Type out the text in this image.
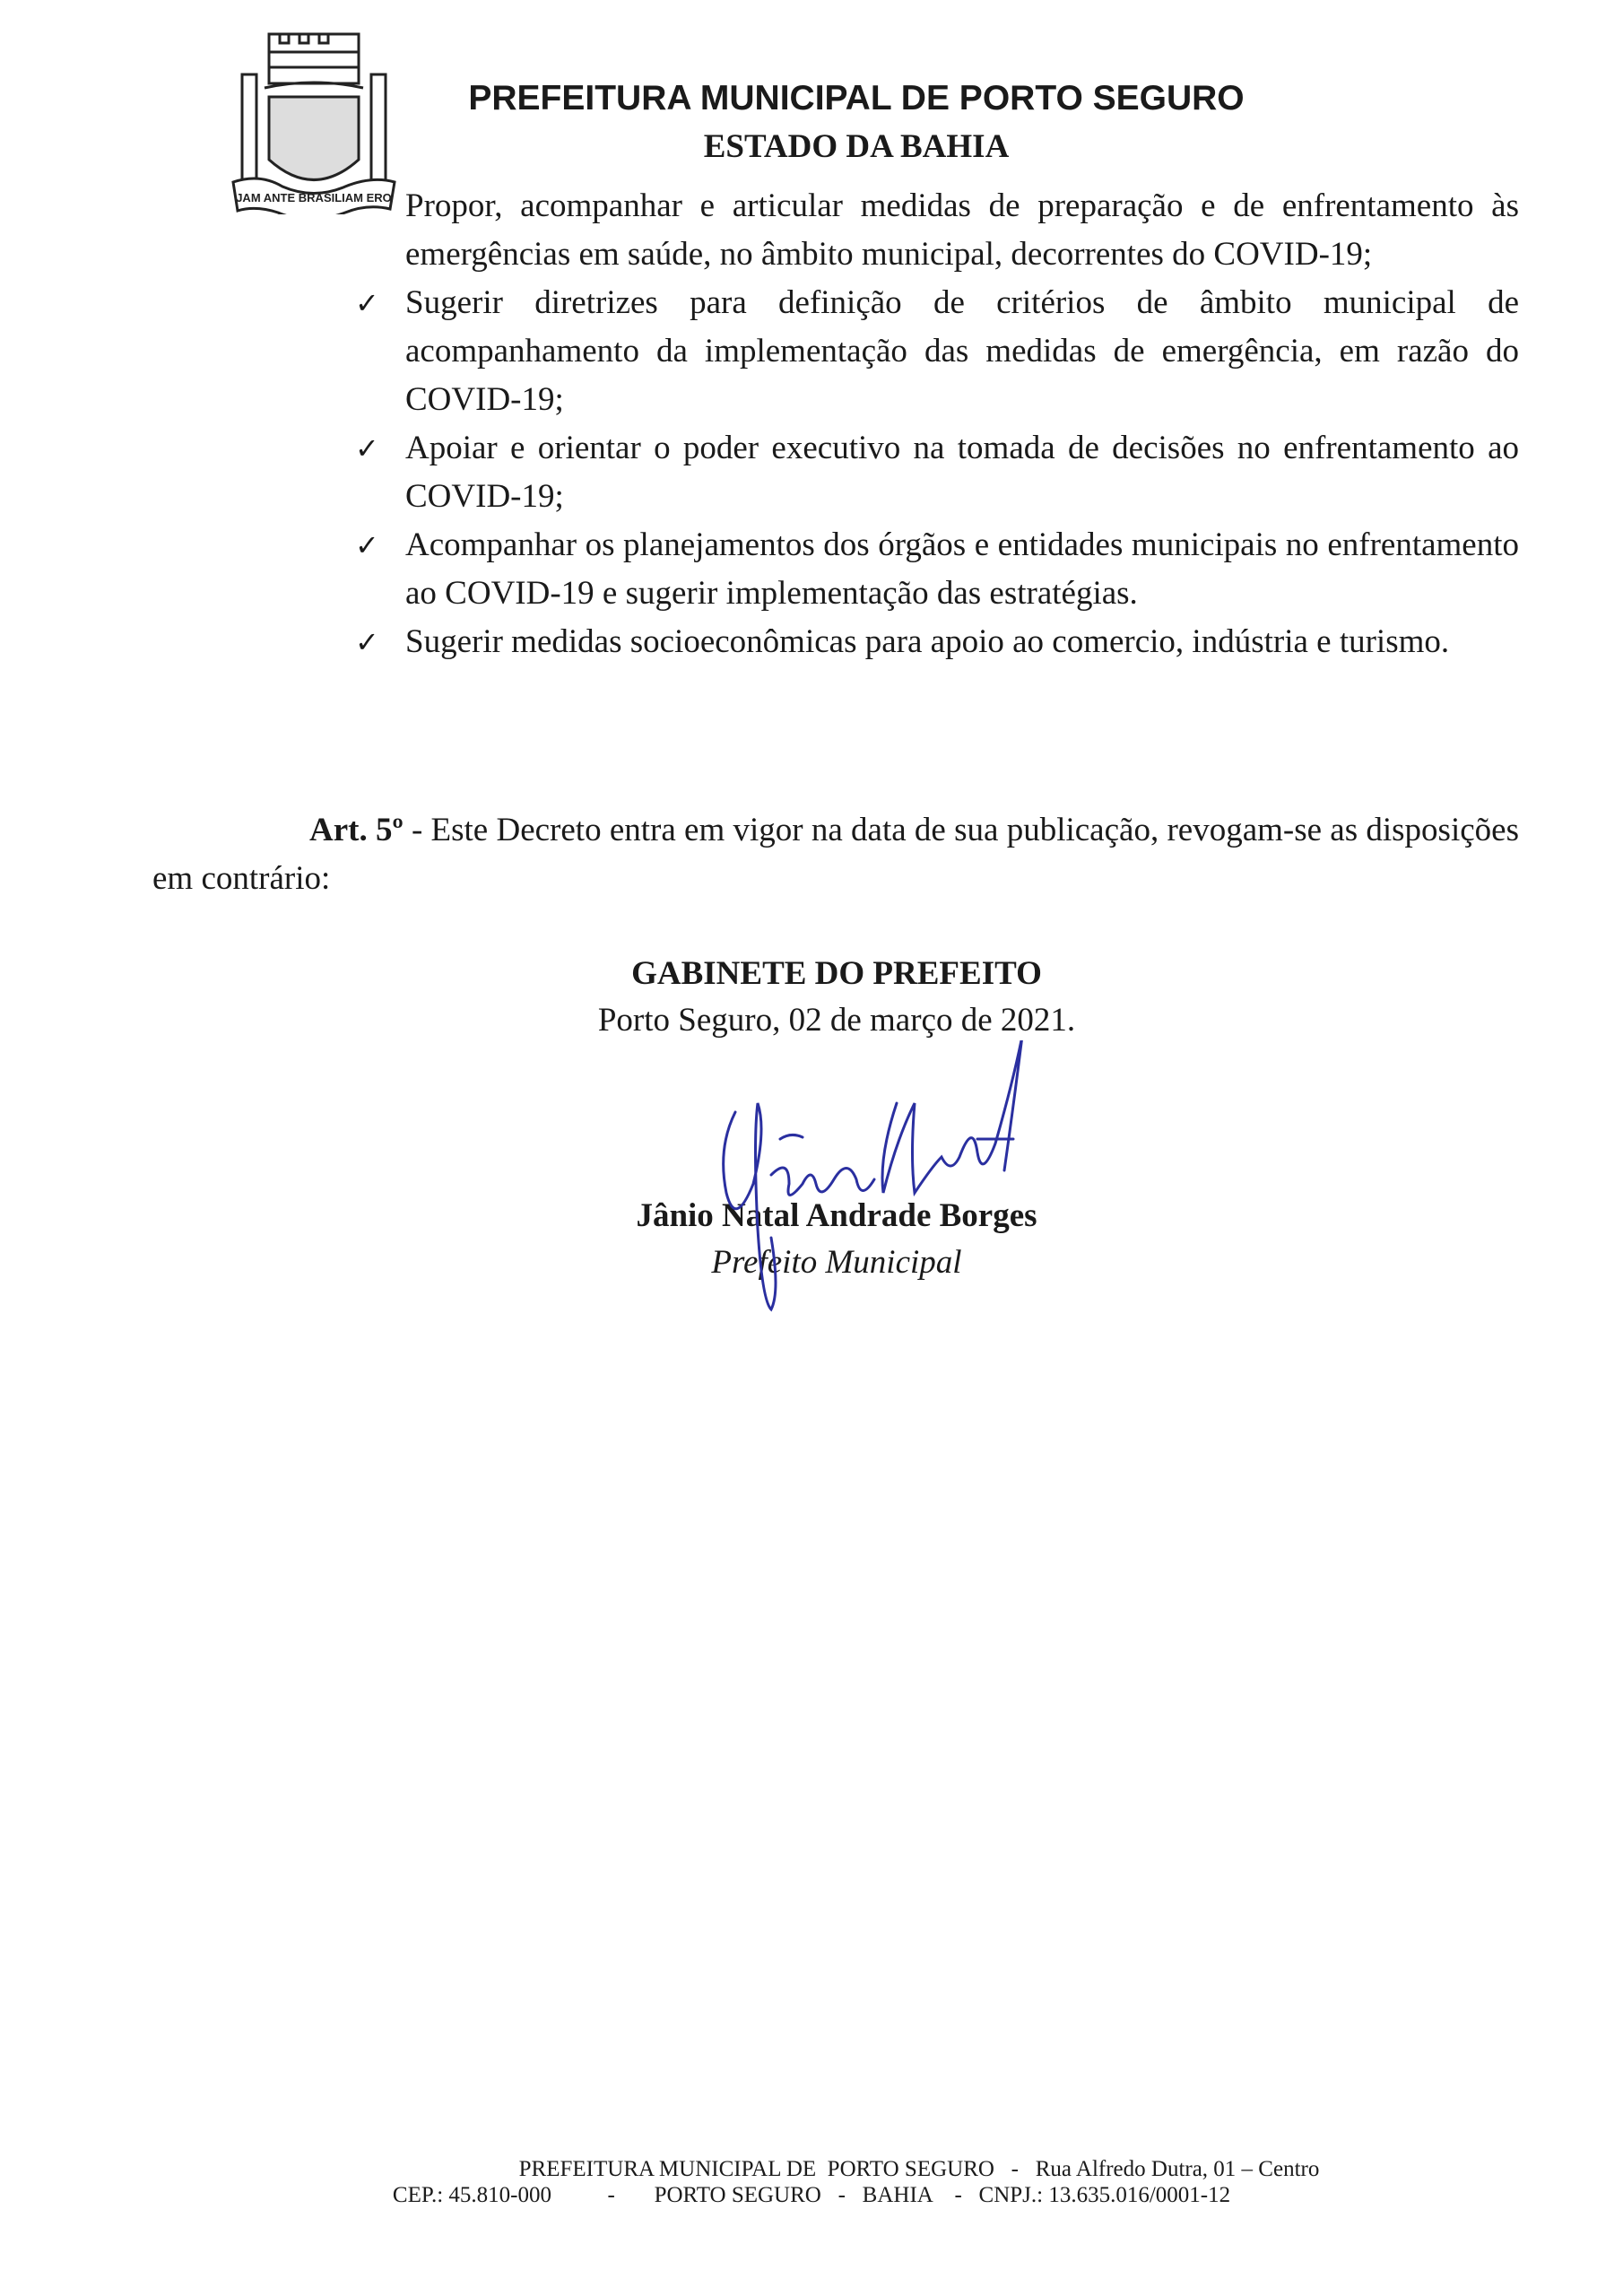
JAM ANTE BRASILIAM ERO
PREFEITURA MUNICIPAL DE PORTO SEGURO
ESTADO DA BAHIA
Propor, acompanhar e articular medidas de preparação e de enfrentamento às emergências em saúde, no âmbito municipal, decorrentes do COVID-19;
✓ Sugerir diretrizes para definição de critérios de âmbito municipal de acompanhamento da implementação das medidas de emergência, em razão do COVID-19;
✓ Apoiar e orientar o poder executivo na tomada de decisões no enfrentamento ao COVID-19;
✓ Acompanhar os planejamentos dos órgãos e entidades municipais no enfrentamento ao COVID-19 e sugerir implementação das estratégias.
✓ Sugerir medidas socioeconômicas para apoio ao comercio, indústria e turismo.
Art. 5º - Este Decreto entra em vigor na data de sua publicação, revogam-se as disposições em contrário:
GABINETE DO PREFEITO
Porto Seguro, 02 de março de 2021.
Jânio Natal Andrade Borges
Prefeito Municipal
PREFEITURA MUNICIPAL DE  PORTO SEGURO   -   Rua Alfredo Dutra, 01 – Centro
CEP.: 45.810-000          -       PORTO SEGURO   -   BAHIA    -   CNPJ.: 13.635.016/0001-12
